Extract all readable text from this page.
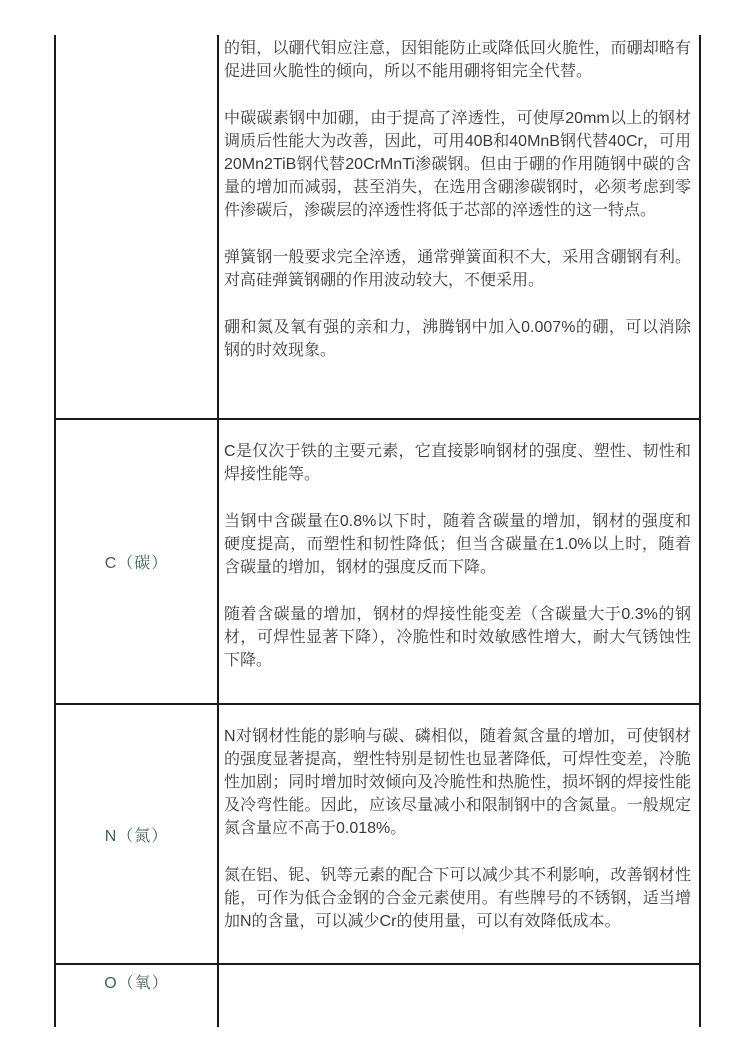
的钼，以硼代钼应注意，因钼能防止或降低回火脆性，而硼却略有促进回火脆性的倾向，所以不能用硼将钼完全代替。

中碳碳素钢中加硼，由于提高了淬透性，可使厚20mm以上的钢材调质后性能大为改善，因此，可用40B和40MnB钢代替40Cr，可用20Mn2TiB钢代替20CrMnTi渗碳钢。但由于硼的作用随钢中碳的含量的增加而减弱，甚至消失，在选用含硼渗碳钢时，必须考虑到零件渗碳后，渗碳层的淬透性将低于芯部的淬透性的这一特点。

弹簧钢一般要求完全淬透，通常弹簧面积不大，采用含硼钢有利。对高硅弹簧钢硼的作用波动较大，不便采用。

硼和氮及氧有强的亲和力，沸腾钢中加入0.007%的硼，可以消除钢的时效现象。

C（碳）

C是仅次于铁的主要元素，它直接影响钢材的强度、塑性、韧性和焊接性能等。

当钢中含碳量在0.8%以下时，随着含碳量的增加，钢材的强度和硬度提高，而塑性和韧性降低；但当含碳量在1.0%以上时，随着含碳量的增加，钢材的强度反而下降。

随着含碳量的增加，钢材的焊接性能变差（含碳量大于0.3%的钢材，可焊性显著下降），冷脆性和时效敏感性增大，耐大气锈蚀性下降。

N（氮）

N对钢材性能的影响与碳、磷相似，随着氮含量的增加，可使钢材的强度显著提高，塑性特别是韧性也显著降低，可焊性变差，冷脆性加剧；同时增加时效倾向及冷脆性和热脆性，损坏钢的焊接性能及冷弯性能。因此，应该尽量减小和限制钢中的含氮量。一般规定氮含量应不高于0.018%。

氮在铝、铌、钒等元素的配合下可以减少其不利影响，改善钢材性能，可作为低合金钢的合金元素使用。有些牌号的不锈钢，适当增加N的含量，可以减少Cr的使用量，可以有效降低成本。

O（氧）
